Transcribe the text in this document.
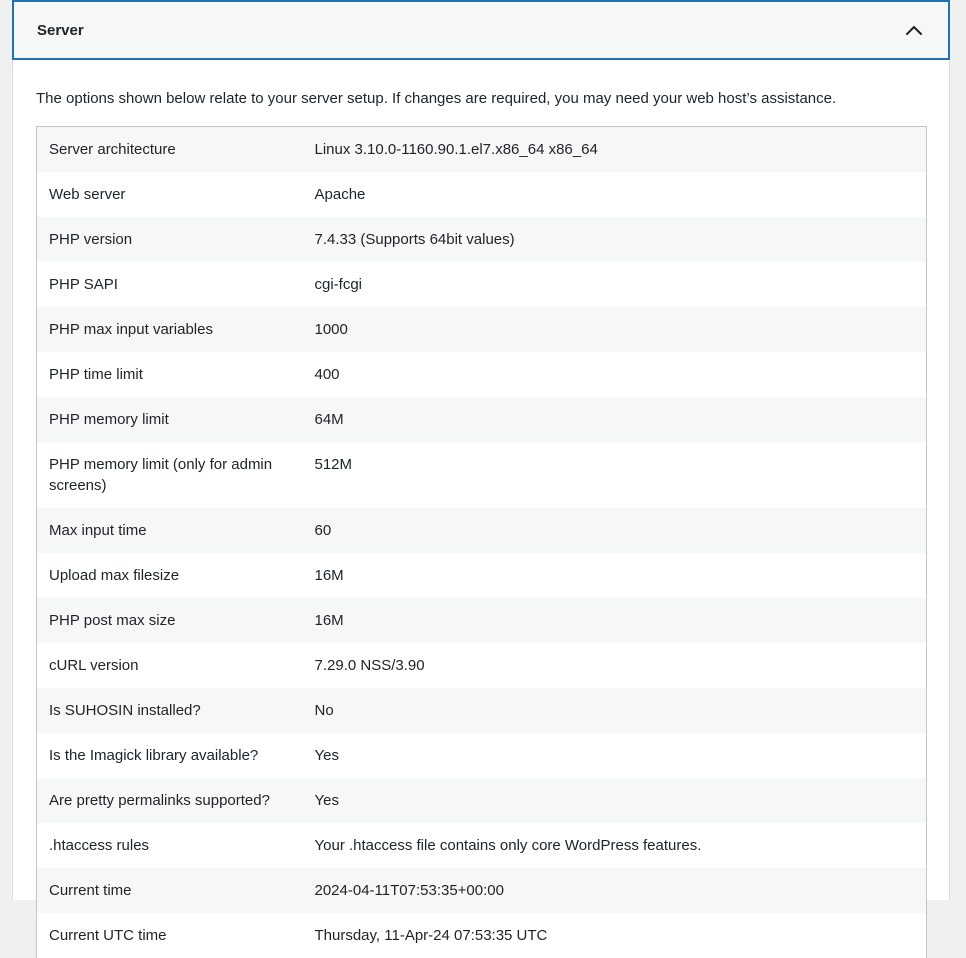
Server
The options shown below relate to your server setup. If changes are required, you may need your web host’s assistance.
Server architecture	Linux 3.10.0-1160.90.1.el7.x86_64 x86_64
Web server	Apache
PHP version	7.4.33 (Supports 64bit values)
PHP SAPI	cgi-fcgi
PHP max input variables	1000
PHP time limit	400
PHP memory limit	64M
PHP memory limit (only for admin screens)	512M
Max input time	60
Upload max filesize	16M
PHP post max size	16M
cURL version	7.29.0 NSS/3.90
Is SUHOSIN installed?	No
Is the Imagick library available?	Yes
Are pretty permalinks supported?	Yes
.htaccess rules	Your .htaccess file contains only core WordPress features.
Current time	2024-04-11T07:53:35+00:00
Current UTC time	Thursday, 11-Apr-24 07:53:35 UTC
